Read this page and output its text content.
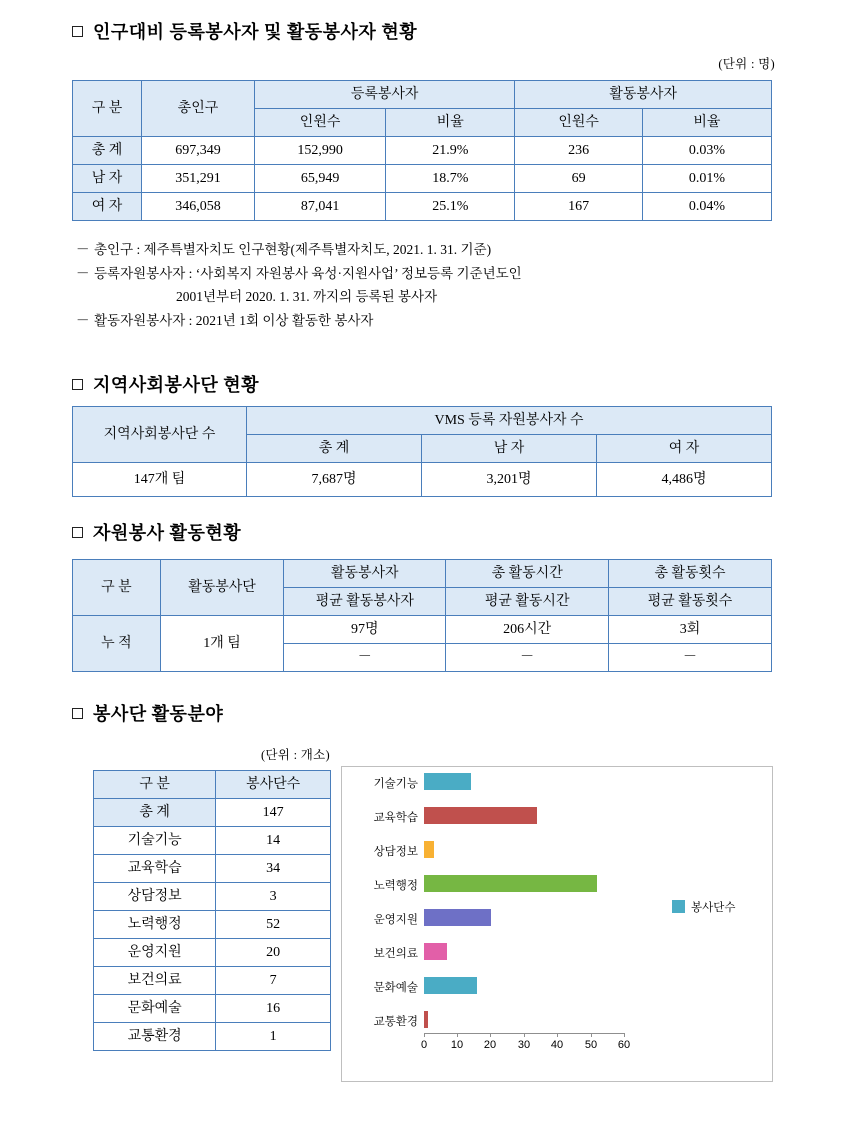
인구대비 등록봉사자 및 활동봉사자 현황
(단위 : 명)
구 분	총인구	등록봉사자		활동봉사자	
		인원수	비율	인원수	비율
총 계	697,349	152,990	21.9%	236	0.03%
남 자	351,291	65,949	18.7%	69	0.01%
여 자	346,058	87,041	25.1%	167	0.04%
－ 총인구 : 제주특별자치도 인구현황(제주특별자치도, 2021. 1. 31. 기준)
－ 등록자원봉사자 : ‘사회복지 자원봉사 육성·지원사업’ 정보등록 기준년도인
2001년부터 2020. 1. 31. 까지의 등록된 봉사자
－ 활동자원봉사자 : 2021년 1회 이상 활동한 봉사자
지역사회봉사단 현황
지역사회봉사단 수	VMS 등록 자원봉사자 수		
	총 계	남 자	여 자
147개 팀	7,687명	3,201명	4,486명
자원봉사 활동현황
구 분	활동봉사단	활동봉사자	총 활동시간	총 활동횟수
		평균 활동봉사자	평균 활동시간	평균 활동횟수
누 적	1개 팀	97명	206시간	3회
		－	－	－
봉사단 활동분야
(단위 : 개소)
구 분	봉사단수
총 계	147
기술기능	14
교육학습	34
상담정보	3
노력행정	52
운영지원	20
보건의료	7
문화예술	16
교통환경	1
기술기능
교육학습
상담정보
노력행정
운영지원
보건의료
문화예술
교통환경
0	10	20	30	40	50	60
봉사단수
